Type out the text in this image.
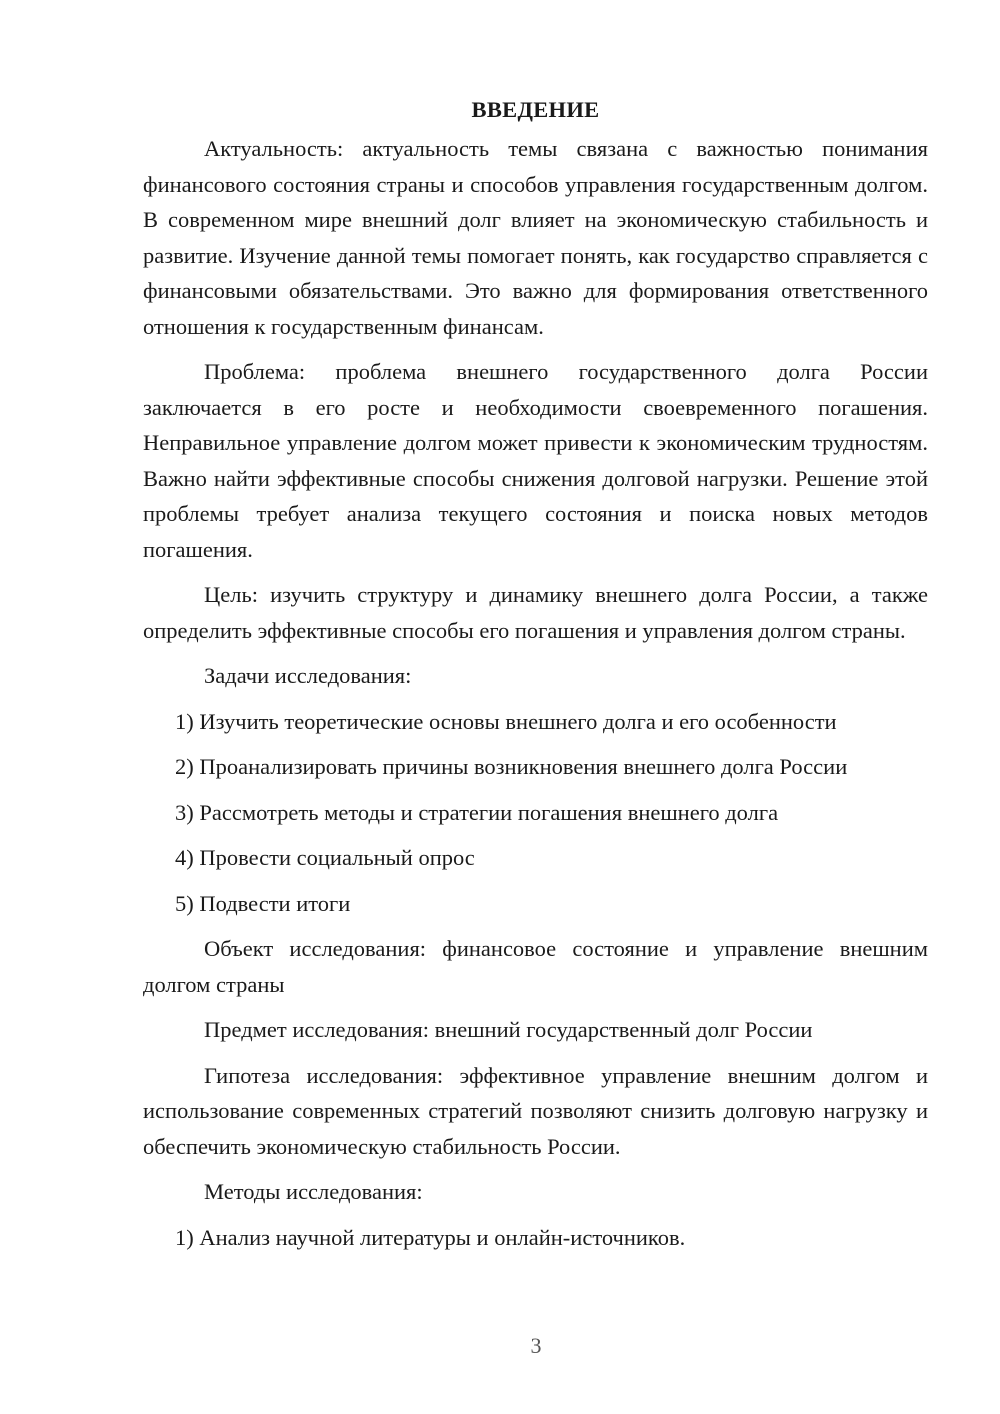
ВВЕДЕНИЕ

Актуальность: актуальность темы связана с важностью понимания финансового состояния страны и способов управления государственным долгом. В современном мире внешний долг влияет на экономическую стабильность и развитие. Изучение данной темы помогает понять, как государство справляется с финансовыми обязательствами. Это важно для формирования ответственного отношения к государственным финансам.

Проблема: проблема внешнего государственного долга России заключается в его росте и необходимости своевременного погашения. Неправильное управление долгом может привести к экономическим трудностям. Важно найти эффективные способы снижения долговой нагрузки. Решение этой проблемы требует анализа текущего состояния и поиска новых методов погашения.

Цель: изучить структуру и динамику внешнего долга России, а также определить эффективные способы его погашения и управления долгом страны.

Задачи исследования:

1) Изучить теоретические основы внешнего долга и его особенности

2) Проанализировать причины возникновения внешнего долга России

3) Рассмотреть методы и стратегии погашения внешнего долга

4) Провести социальный опрос

5) Подвести итоги

Объект исследования: финансовое состояние и управление внешним долгом страны

Предмет исследования: внешний государственный долг России

Гипотеза исследования: эффективное управление внешним долгом и использование современных стратегий позволяют снизить долговую нагрузку и обеспечить экономическую стабильность России.

Методы исследования:

1) Анализ научной литературы и онлайн-источников.

3
